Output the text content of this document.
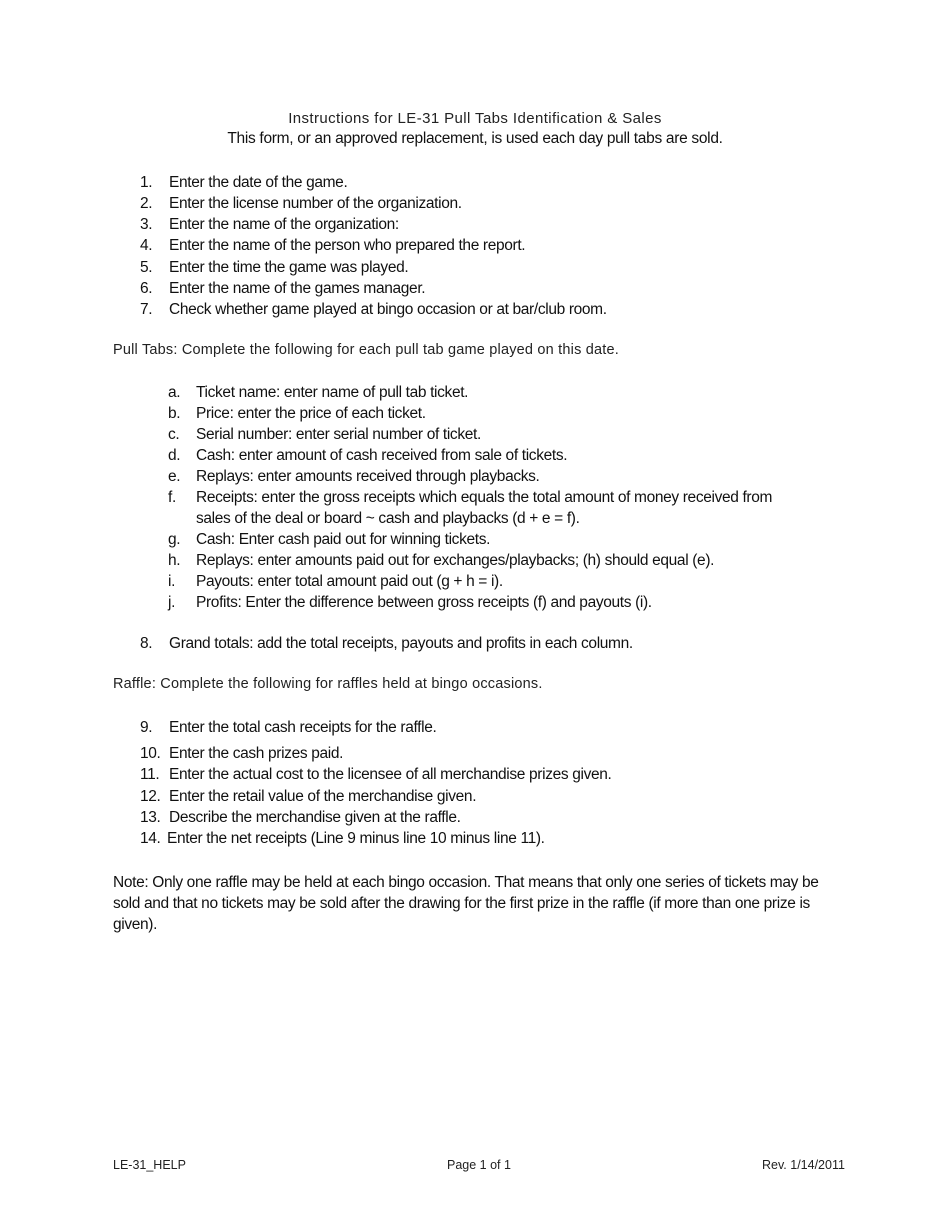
Instructions for LE-31 Pull Tabs Identification & Sales
This form, or an approved replacement, is used each day pull tabs are sold.
1. Enter the date of the game.
2. Enter the license number of the organization.
3. Enter the name of the organization:
4. Enter the name of the person who prepared the report.
5. Enter the time the game was played.
6. Enter the name of the games manager.
7. Check whether game played at bingo occasion or at bar/club room.
Pull Tabs: Complete the following for each pull tab game played on this date.
a. Ticket name: enter name of pull tab ticket.
b. Price: enter the price of each ticket.
c. Serial number: enter serial number of ticket.
d. Cash: enter amount of cash received from sale of tickets.
e. Replays: enter amounts received through playbacks.
f. Receipts: enter the gross receipts which equals the total amount of money received from
sales of the deal or board ~ cash and playbacks (d + e = f).
g. Cash: Enter cash paid out for winning tickets.
h. Replays: enter amounts paid out for exchanges/playbacks; (h) should equal (e).
i. Payouts: enter total amount paid out (g + h = i).
j. Profits: Enter the difference between gross receipts (f) and payouts (i).
8. Grand totals: add the total receipts, payouts and profits in each column.
Raffle: Complete the following for raffles held at bingo occasions.
9. Enter the total cash receipts for the raffle.
10. Enter the cash prizes paid.
11. Enter the actual cost to the licensee of all merchandise prizes given.
12. Enter the retail value of the merchandise given.
13. Describe the merchandise given at the raffle.
14. Enter the net receipts (Line 9 minus line 10 minus line 11).
Note: Only one raffle may be held at each bingo occasion. That means that only one series of tickets may be sold and that no tickets may be sold after the drawing for the first prize in the raffle (if more than one prize is given).
LE-31_HELP	Page 1 of 1	Rev. 1/14/2011
